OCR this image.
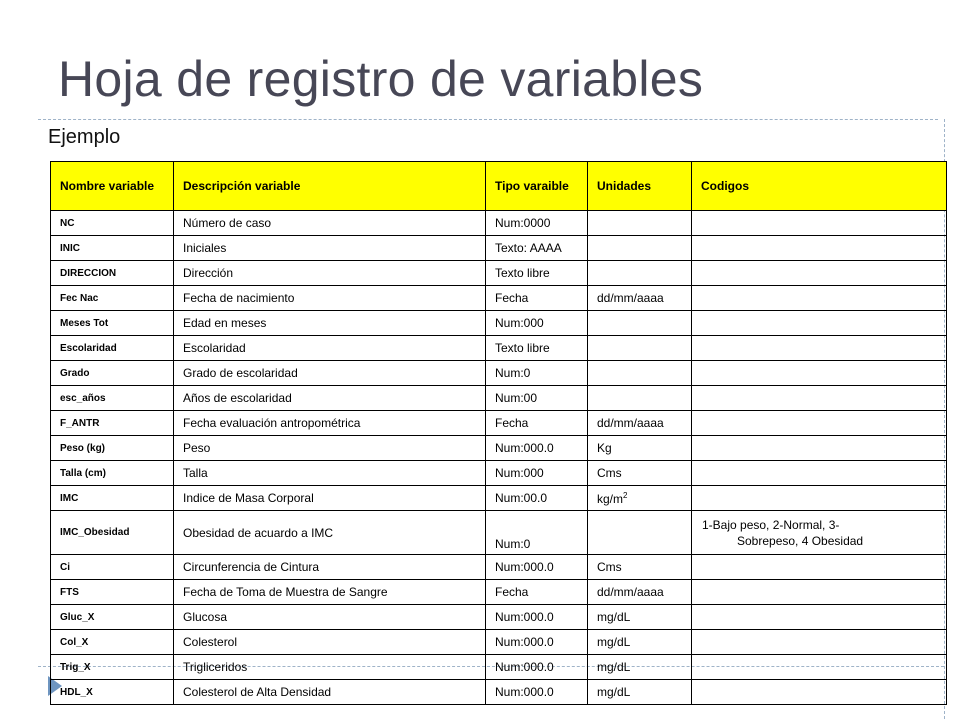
Hoja de registro de variables
Ejemplo
Nombre variable	Descripción variable	Tipo varaible	Unidades	Codigos
NC	Número de caso	Num:0000		
INIC	Iniciales	Texto: AAAA		
DIRECCION	Dirección	Texto libre		
Fec Nac	Fecha de nacimiento	Fecha	dd/mm/aaaa	
Meses Tot	Edad en meses	Num:000		
Escolaridad	Escolaridad	Texto libre		
Grado	Grado de escolaridad	Num:0		
esc_años	Años de escolaridad	Num:00		
F_ANTR	Fecha evaluación antropométrica	Fecha	dd/mm/aaaa	
Peso (kg)	Peso	Num:000.0	Kg	
Talla (cm)	Talla	Num:000	Cms	
IMC	Indice de Masa Corporal	Num:00.0	$kg/m^2$	
IMC_Obesidad	Obesidad de acuardo a IMC	Num:0		1-Bajo peso, 2-Normal, 3-
Sobrepeso, 4 Obesidad

Ci	Circunferencia de Cintura	Num:000.0	Cms	
FTS	Fecha de Toma de Muestra de Sangre	Fecha	dd/mm/aaaa	
Gluc_X	Glucosa	Num:000.0	mg/dL	
Col_X	Colesterol	Num:000.0	mg/dL	
Trig_X	Trigliceridos	Num:000.0	mg/dL	
HDL_X	Colesterol de Alta Densidad	Num:000.0	mg/dL	
